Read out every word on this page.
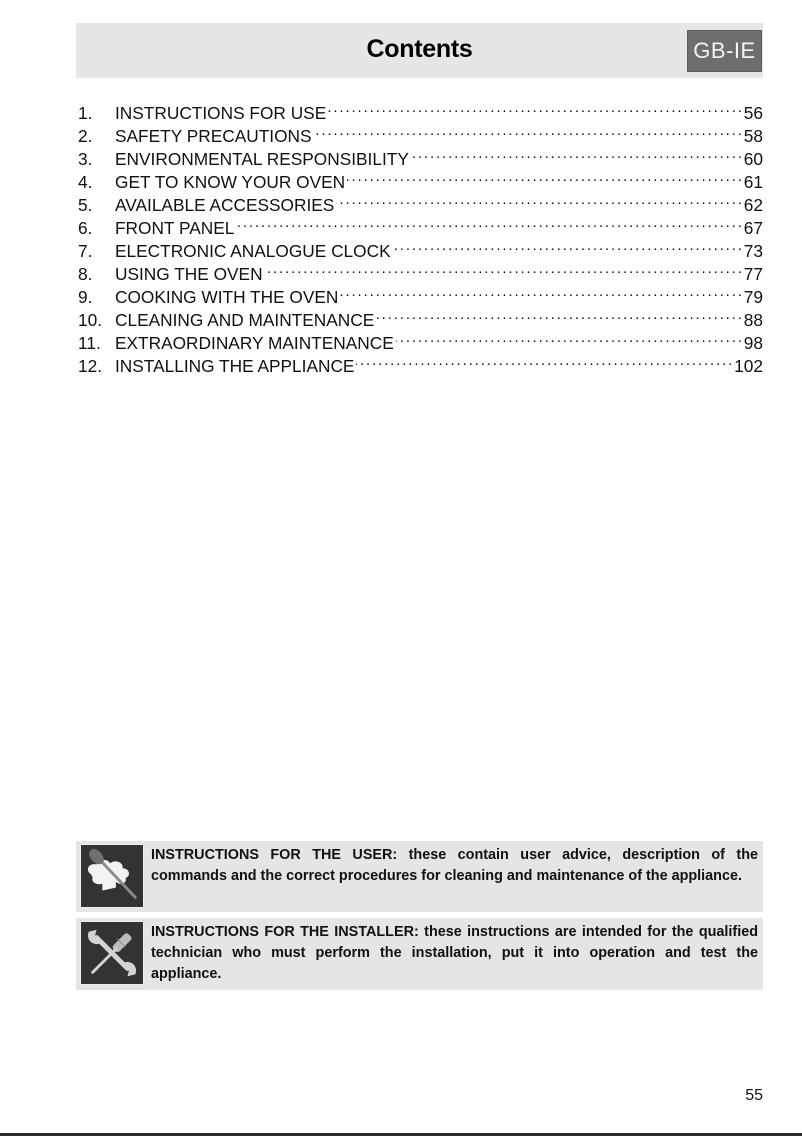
Contents	GB-IE
1.	INSTRUCTIONS FOR USE . . .	56
2.	SAFETY PRECAUTIONS . . .	58
3.	ENVIRONMENTAL RESPONSIBILITY . . .	60
4.	GET TO KNOW YOUR OVEN . . .	61
5.	AVAILABLE ACCESSORIES . . .	62
6.	FRONT PANEL . . .	67
7.	ELECTRONIC ANALOGUE CLOCK . . .	73
8.	USING THE OVEN . . .	77
9.	COOKING WITH THE OVEN . . .	79
10. CLEANING AND MAINTENANCE . . .	88
11. EXTRAORDINARY MAINTENANCE . . .	98
12. INSTALLING THE APPLIANCE . . .	102
INSTRUCTIONS FOR THE USER: these contain user advice, description of the commands and the correct procedures for cleaning and maintenance of the appliance.
INSTRUCTIONS FOR THE INSTALLER: these instructions are intended for the qualified technician who must perform the installation, put it into operation and test the appliance.
55
